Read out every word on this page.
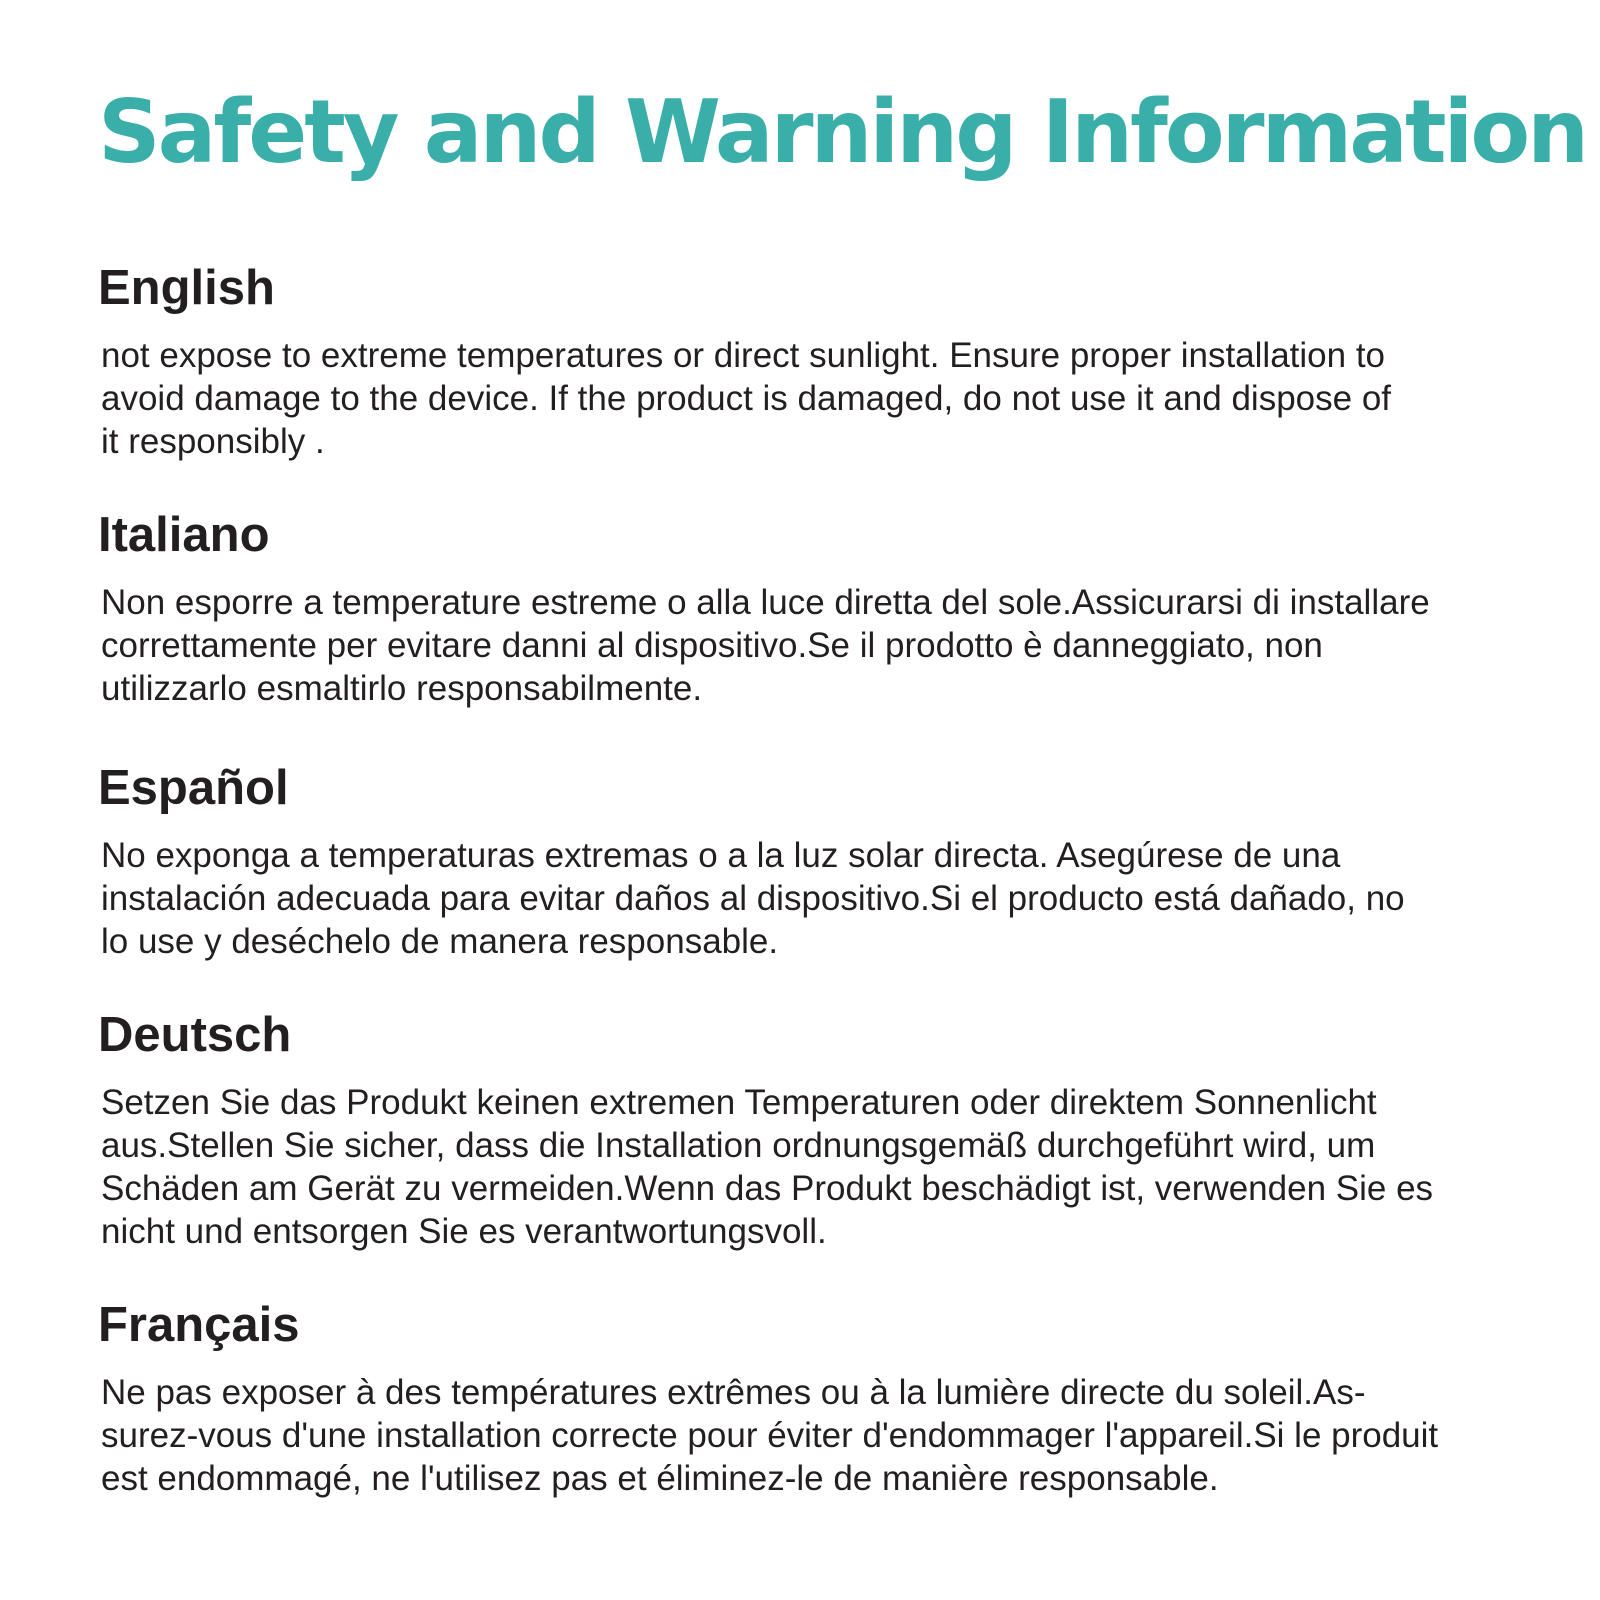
Safety and Warning Information
English

not expose to extreme temperatures or direct sunlight. Ensure proper installation to
avoid damage to the device. If the product is damaged, do not use it and dispose of
it responsibly .

Italiano

Non esporre a temperature estreme o alla luce diretta del sole.Assicurarsi di installare
correttamente per evitare danni al dispositivo.Se il prodotto è danneggiato, non
utilizzarlo esmaltirlo responsabilmente.

Español

No exponga a temperaturas extremas o a la luz solar directa. Asegúrese de una
instalación adecuada para evitar daños al dispositivo.Si el producto está dañado, no
lo use y deséchelo de manera responsable.

Deutsch

Setzen Sie das Produkt keinen extremen Temperaturen oder direktem Sonnenlicht
aus.Stellen Sie sicher, dass die Installation ordnungsgemäß durchgeführt wird, um
Schäden am Gerät zu vermeiden.Wenn das Produkt beschädigt ist, verwenden Sie es
nicht und entsorgen Sie es verantwortungsvoll.

Français

Ne pas exposer à des températures extrêmes ou à la lumière directe du soleil.As-
surez-vous d'une installation correcte pour éviter d'endommager l'appareil.Si le produit
est endommagé, ne l'utilisez pas et éliminez-le de manière responsable.
